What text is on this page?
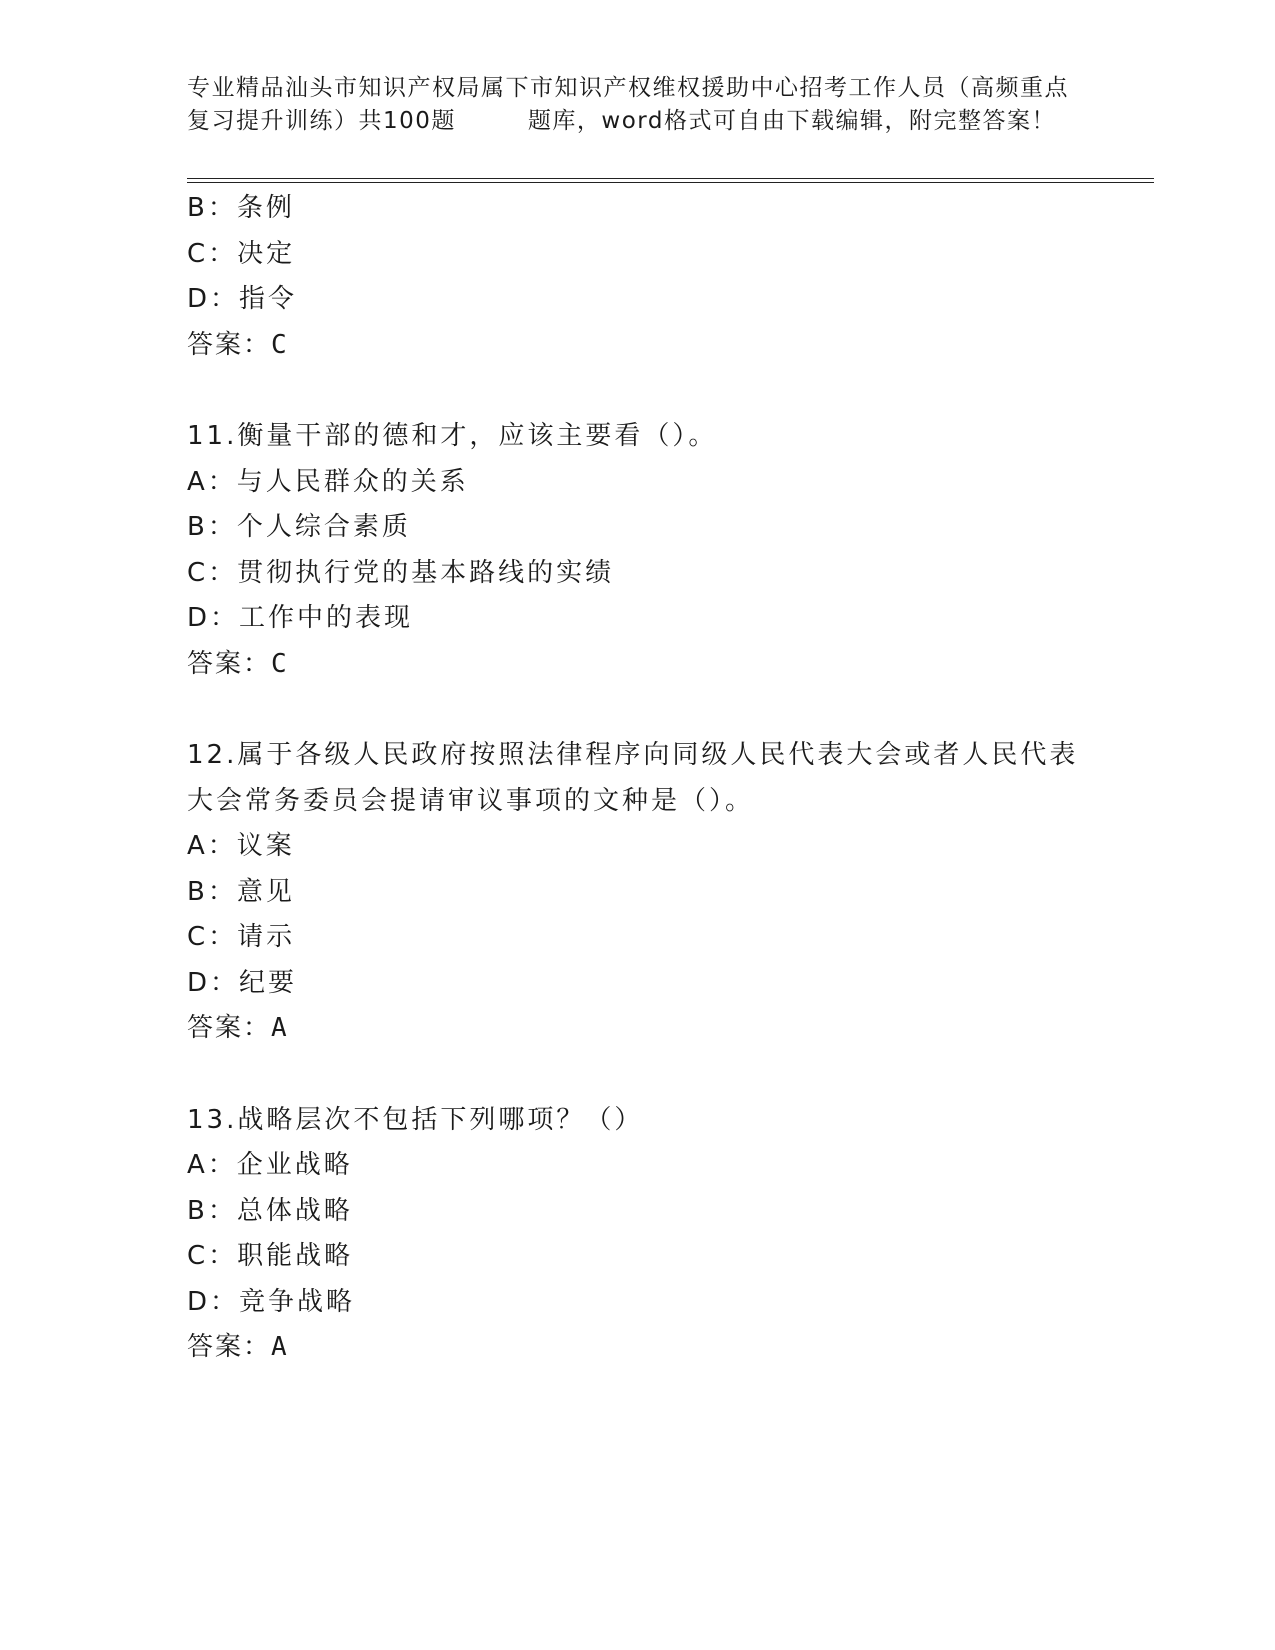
专业精品汕头市知识产权局属下市知识产权维权援助中心招考工作人员（高频重点
复习提升训练）共100题	题库，word格式可自由下载编辑，附完整答案！
B：条例
C：决定
D：指令
答案：C
11.衡量干部的德和才，应该主要看（）。
A：与人民群众的关系
B：个人综合素质
C：贯彻执行党的基本路线的实绩
D：工作中的表现
答案：C
12.属于各级人民政府按照法律程序向同级人民代表大会或者人民代表
大会常务委员会提请审议事项的文种是（）。
A：议案
B：意见
C：请示
D：纪要
答案：A
13.战略层次不包括下列哪项？（）
A：企业战略
B：总体战略
C：职能战略
D：竞争战略
答案：A
